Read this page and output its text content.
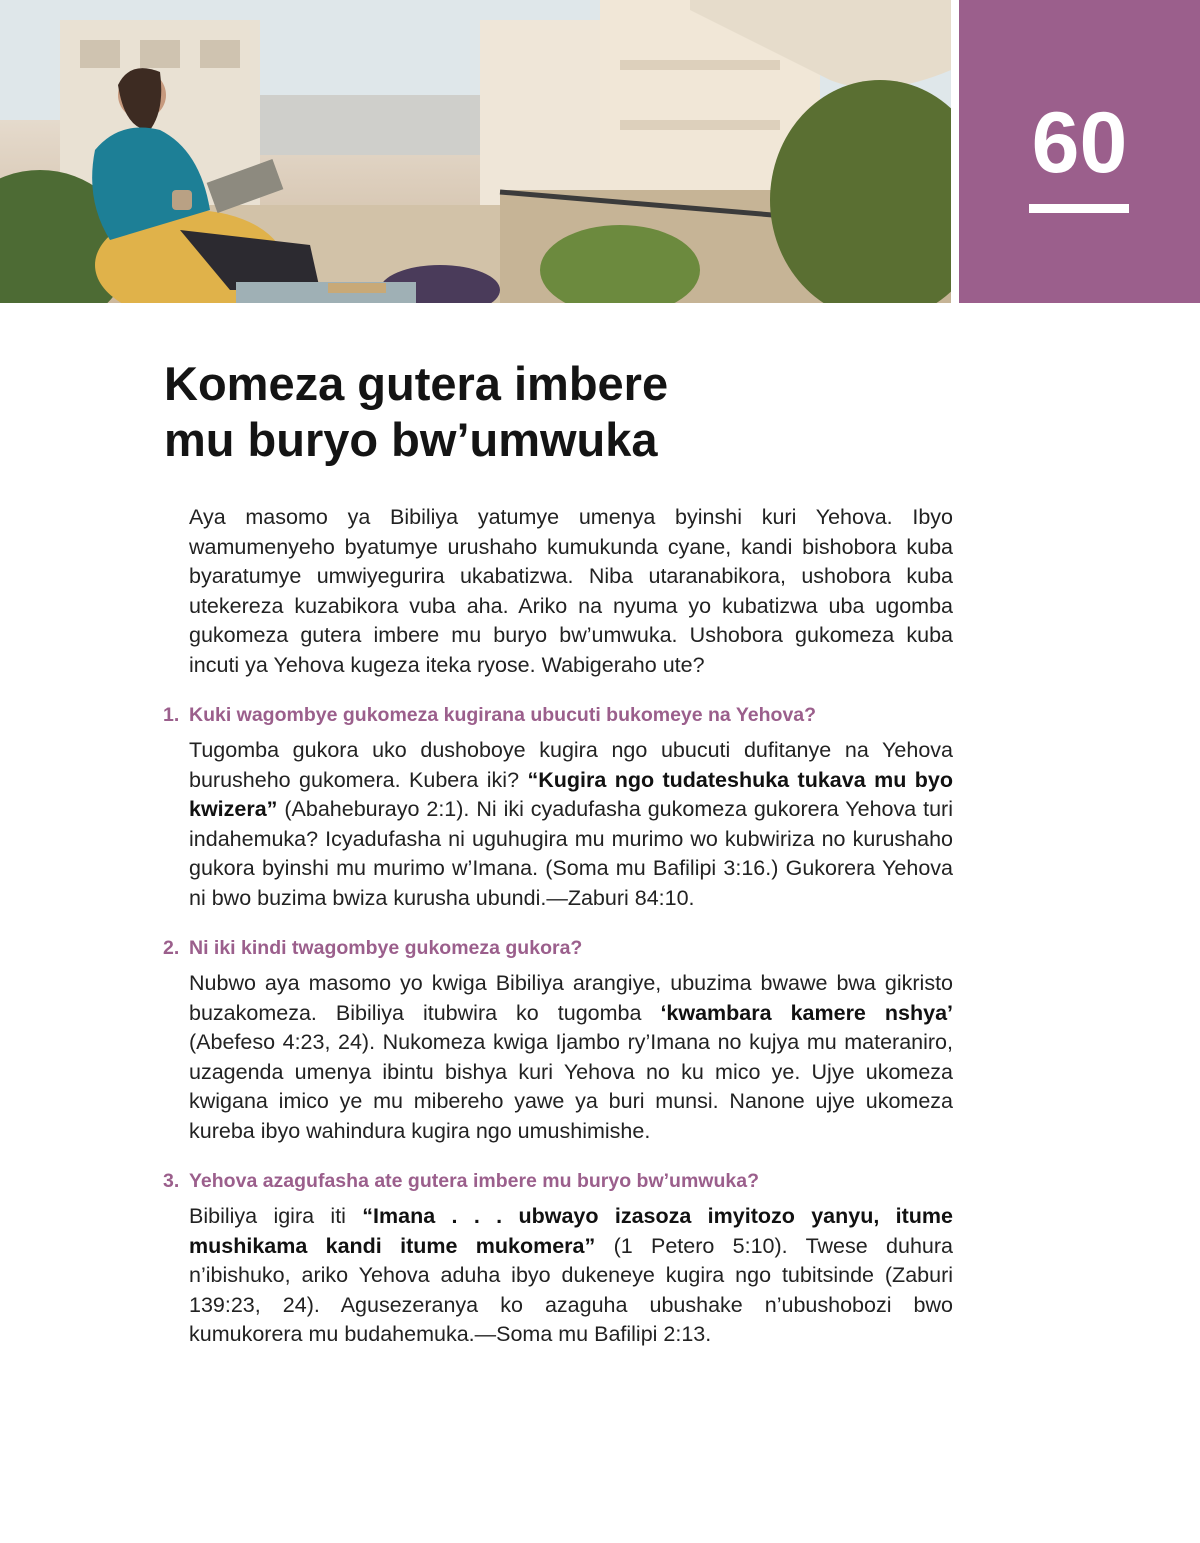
60
Komeza gutera imbere
mu buryo bw’umwuka

Aya masomo ya Bibiliya yatumye umenya byinshi kuri Yehova. Ibyo wamumenyeho byatumye urushaho kumukunda cyane, kandi bishobora kuba byaratumye umwiyegurira ukabatizwa. Niba utaranabikora, ushobora kuba utekereza kuzabikora vuba aha. Ariko na nyuma yo kubatizwa uba ugomba gukomeza gutera imbere mu buryo bw’umwuka. Ushobora gukomeza kuba incuti ya Yehova kugeza iteka ryose. Wabigeraho ute?

1. Kuki wagombye gukomeza kugirana ubucuti bukomeye na Yehova?

Tugomba gukora uko dushoboye kugira ngo ubucuti dufitanye na Yehova burusheho gukomera. Kubera iki? “Kugira ngo tudateshuka tukava mu byo kwizera” (Abaheburayo 2:1). Ni iki cyadufasha gukomeza gukorera Yehova turi indahemuka? Icyadufasha ni uguhugira mu murimo wo kubwiriza no kurushaho gukora byinshi mu murimo w’Imana. (Soma mu Bafilipi 3:16.) Gukorera Yehova ni bwo buzima bwiza kurusha ubundi.—Zaburi 84:10.

2. Ni iki kindi twagombye gukomeza gukora?

Nubwo aya masomo yo kwiga Bibiliya arangiye, ubuzima bwawe bwa gikristo buzakomeza. Bibiliya itubwira ko tugomba ‘kwambara kamere nshya’ (Abefeso 4:23, 24). Nukomeza kwiga Ijambo ry’Imana no kujya mu materaniro, uzagenda umenya ibintu bishya kuri Yehova no ku mico ye. Ujye ukomeza kwigana imico ye mu mibereho yawe ya buri munsi. Nanone ujye ukomeza kureba ibyo wahindura kugira ngo umushimishe.

3. Yehova azagufasha ate gutera imbere mu buryo bw’umwuka?

Bibiliya igira iti “Imana . . . ubwayo izasoza imyitozo yanyu, itume mushikama kandi itume mukomera” (1 Petero 5:10). Twese duhura n’ibishuko, ariko Yehova aduha ibyo dukeneye kugira ngo tubitsinde (Zaburi 139:23, 24). Agusezeranya ko azaguha ubushake n’ubushobozi bwo kumukorera mu budahemuka.—Soma mu Bafilipi 2:13.
